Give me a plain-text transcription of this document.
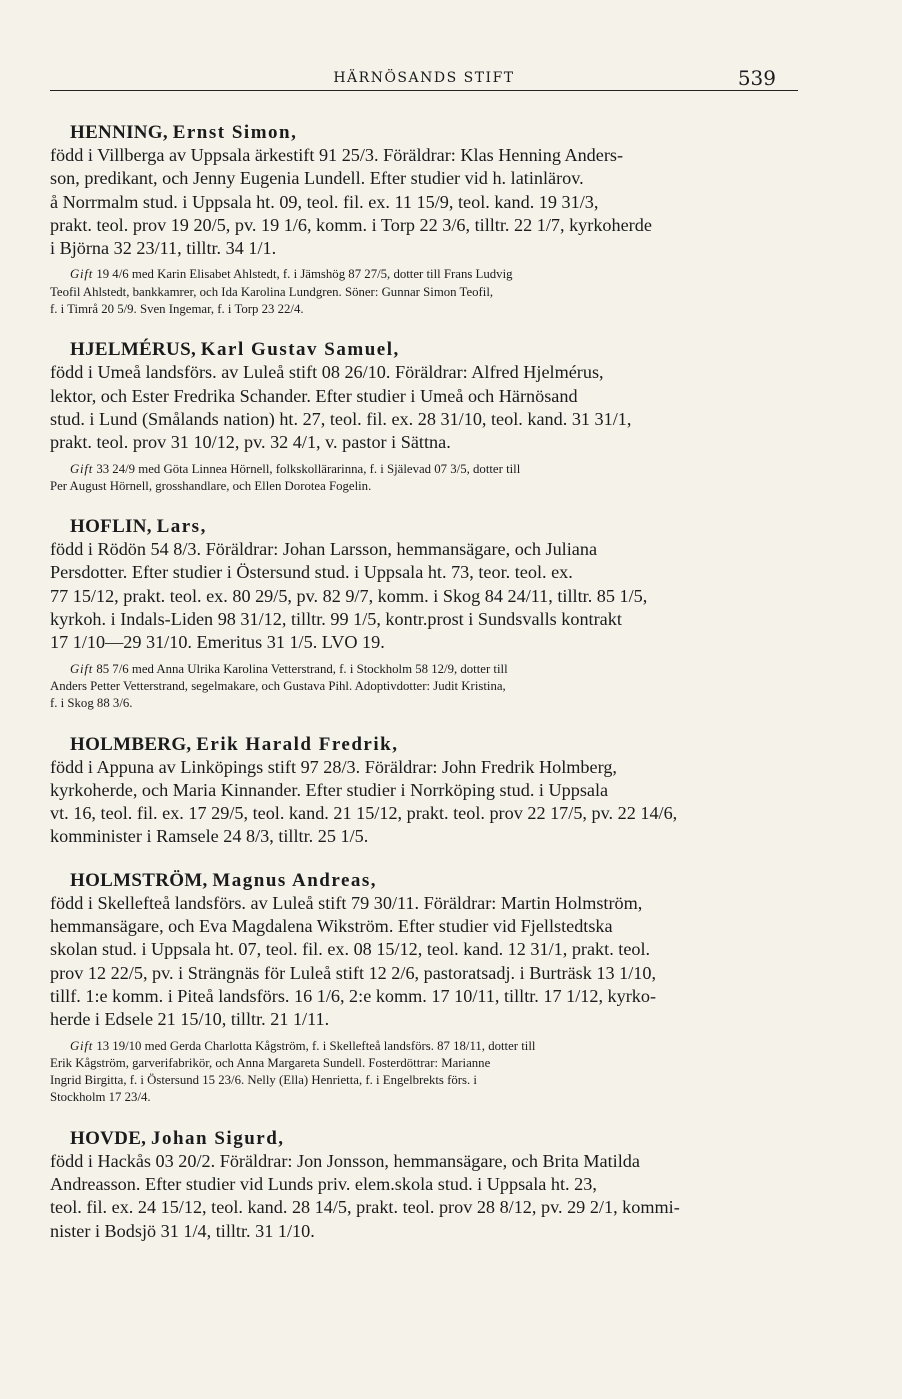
HÄRNÖSANDS STIFT	539
HENNING, Ernst Simon,

född i Villberga av Uppsala ärkestift 91 25/3. Föräldrar: Klas Henning Anders-
son, predikant, och Jenny Eugenia Lundell. Efter studier vid h. latinlärov.
å Norrmalm stud. i Uppsala ht. 09, teol. fil. ex. 11 15/9, teol. kand. 19 31/3,
prakt. teol. prov 19 20/5, pv. 19 1/6, komm. i Torp 22 3/6, tilltr. 22 1/7, kyrkoherde
i Björna 32 23/11, tilltr. 34 1/1.

Gift 19 4/6 med Karin Elisabet Ahlstedt, f. i Jämshög 87 27/5, dotter till Frans Ludvig
Teofil Ahlstedt, bankkamrer, och Ida Karolina Lundgren. Söner: Gunnar Simon Teofil,
f. i Timrå 20 5/9. Sven Ingemar, f. i Torp 23 22/4.

HJELMÉRUS, Karl Gustav Samuel,

född i Umeå landsförs. av Luleå stift 08 26/10. Föräldrar: Alfred Hjelmérus,
lektor, och Ester Fredrika Schander. Efter studier i Umeå och Härnösand
stud. i Lund (Smålands nation) ht. 27, teol. fil. ex. 28 31/10, teol. kand. 31 31/1,
prakt. teol. prov 31 10/12, pv. 32 4/1, v. pastor i Sättna.

Gift 33 24/9 med Göta Linnea Hörnell, folkskollärarinna, f. i Själevad 07 3/5, dotter till
Per August Hörnell, grosshandlare, och Ellen Dorotea Fogelin.

HOFLIN, Lars,

född i Rödön 54 8/3. Föräldrar: Johan Larsson, hemmansägare, och Juliana
Persdotter. Efter studier i Östersund stud. i Uppsala ht. 73, teor. teol. ex.
77 15/12, prakt. teol. ex. 80 29/5, pv. 82 9/7, komm. i Skog 84 24/11, tilltr. 85 1/5,
kyrkoh. i Indals-Liden 98 31/12, tilltr. 99 1/5, kontr.prost i Sundsvalls kontrakt
17 1/10—29 31/10. Emeritus 31 1/5. LVO 19.

Gift 85 7/6 med Anna Ulrika Karolina Vetterstrand, f. i Stockholm 58 12/9, dotter till
Anders Petter Vetterstrand, segelmakare, och Gustava Pihl. Adoptivdotter: Judit Kristina,
f. i Skog 88 3/6.

HOLMBERG, Erik Harald Fredrik,

född i Appuna av Linköpings stift 97 28/3. Föräldrar: John Fredrik Holmberg,
kyrkoherde, och Maria Kinnander. Efter studier i Norrköping stud. i Uppsala
vt. 16, teol. fil. ex. 17 29/5, teol. kand. 21 15/12, prakt. teol. prov 22 17/5, pv. 22 14/6,
komminister i Ramsele 24 8/3, tilltr. 25 1/5.

HOLMSTRÖM, Magnus Andreas,

född i Skellefteå landsförs. av Luleå stift 79 30/11. Föräldrar: Martin Holmström,
hemmansägare, och Eva Magdalena Wikström. Efter studier vid Fjellstedtska
skolan stud. i Uppsala ht. 07, teol. fil. ex. 08 15/12, teol. kand. 12 31/1, prakt. teol.
prov 12 22/5, pv. i Strängnäs för Luleå stift 12 2/6, pastoratsadj. i Burträsk 13 1/10,
tillf. 1:e komm. i Piteå landsförs. 16 1/6, 2:e komm. 17 10/11, tilltr. 17 1/12, kyrko-
herde i Edsele 21 15/10, tilltr. 21 1/11.

Gift 13 19/10 med Gerda Charlotta Kågström, f. i Skellefteå landsförs. 87 18/11, dotter till
Erik Kågström, garverifabrikör, och Anna Margareta Sundell. Fosterdöttrar: Marianne
Ingrid Birgitta, f. i Östersund 15 23/6. Nelly (Ella) Henrietta, f. i Engelbrekts förs. i
Stockholm 17 23/4.

HOVDE, Johan Sigurd,

född i Hackås 03 20/2. Föräldrar: Jon Jonsson, hemmansägare, och Brita Matilda
Andreasson. Efter studier vid Lunds priv. elem.skola stud. i Uppsala ht. 23,
teol. fil. ex. 24 15/12, teol. kand. 28 14/5, prakt. teol. prov 28 8/12, pv. 29 2/1, kommi-
nister i Bodsjö 31 1/4, tilltr. 31 1/10.
